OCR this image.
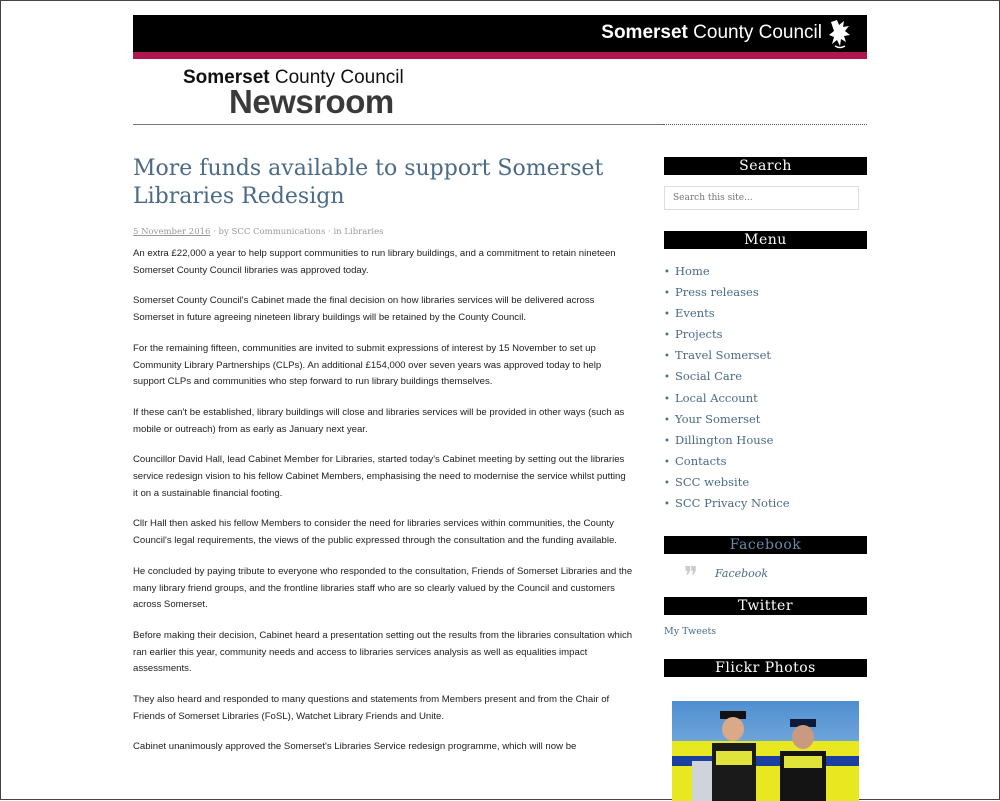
Somerset County Council
Somerset County Council
Newsroom
More funds available to support Somerset Libraries Redesign
5 November 2016 · by SCC Communications · in Libraries

An extra £22,000 a year to help support communities to run library buildings, and a commitment to retain nineteen Somerset County Council libraries was approved today.

Somerset County Council's Cabinet made the final decision on how libraries services will be delivered across Somerset in future agreeing nineteen library buildings will be retained by the County Council.

For the remaining fifteen, communities are invited to submit expressions of interest by 15 November to set up Community Library Partnerships (CLPs). An additional £154,000 over seven years was approved today to help support CLPs and communities who step forward to run library buildings themselves.

If these can't be established, library buildings will close and libraries services will be provided in other ways (such as mobile or outreach) from as early as January next year.

Councillor David Hall, lead Cabinet Member for Libraries, started today's Cabinet meeting by setting out the libraries service redesign vision to his fellow Cabinet Members, emphasising the need to modernise the service whilst putting it on a sustainable financial footing.

Cllr Hall then asked his fellow Members to consider the need for libraries services within communities, the County Council's legal requirements, the views of the public expressed through the consultation and the funding available.

He concluded by paying tribute to everyone who responded to the consultation, Friends of Somerset Libraries and the many library friend groups, and the frontline libraries staff who are so clearly valued by the Council and customers across Somerset.

Before making their decision, Cabinet heard a presentation setting out the results from the libraries consultation which ran earlier this year, community needs and access to libraries services analysis as well as equalities impact assessments.

They also heard and responded to many questions and statements from Members present and from the Chair of Friends of Somerset Libraries (FoSL), Watchet Library Friends and Unite.

Cabinet unanimously approved the Somerset's Libraries Service redesign programme, which will now be

Search
Search this site...
Menu
• Home
• Press releases
• Events
• Projects
• Travel Somerset
• Social Care
• Local Account
• Your Somerset
• Dillington House
• Contacts
• SCC website
• SCC Privacy Notice
Facebook
❞ Facebook
Twitter
My Tweets
Flickr Photos
